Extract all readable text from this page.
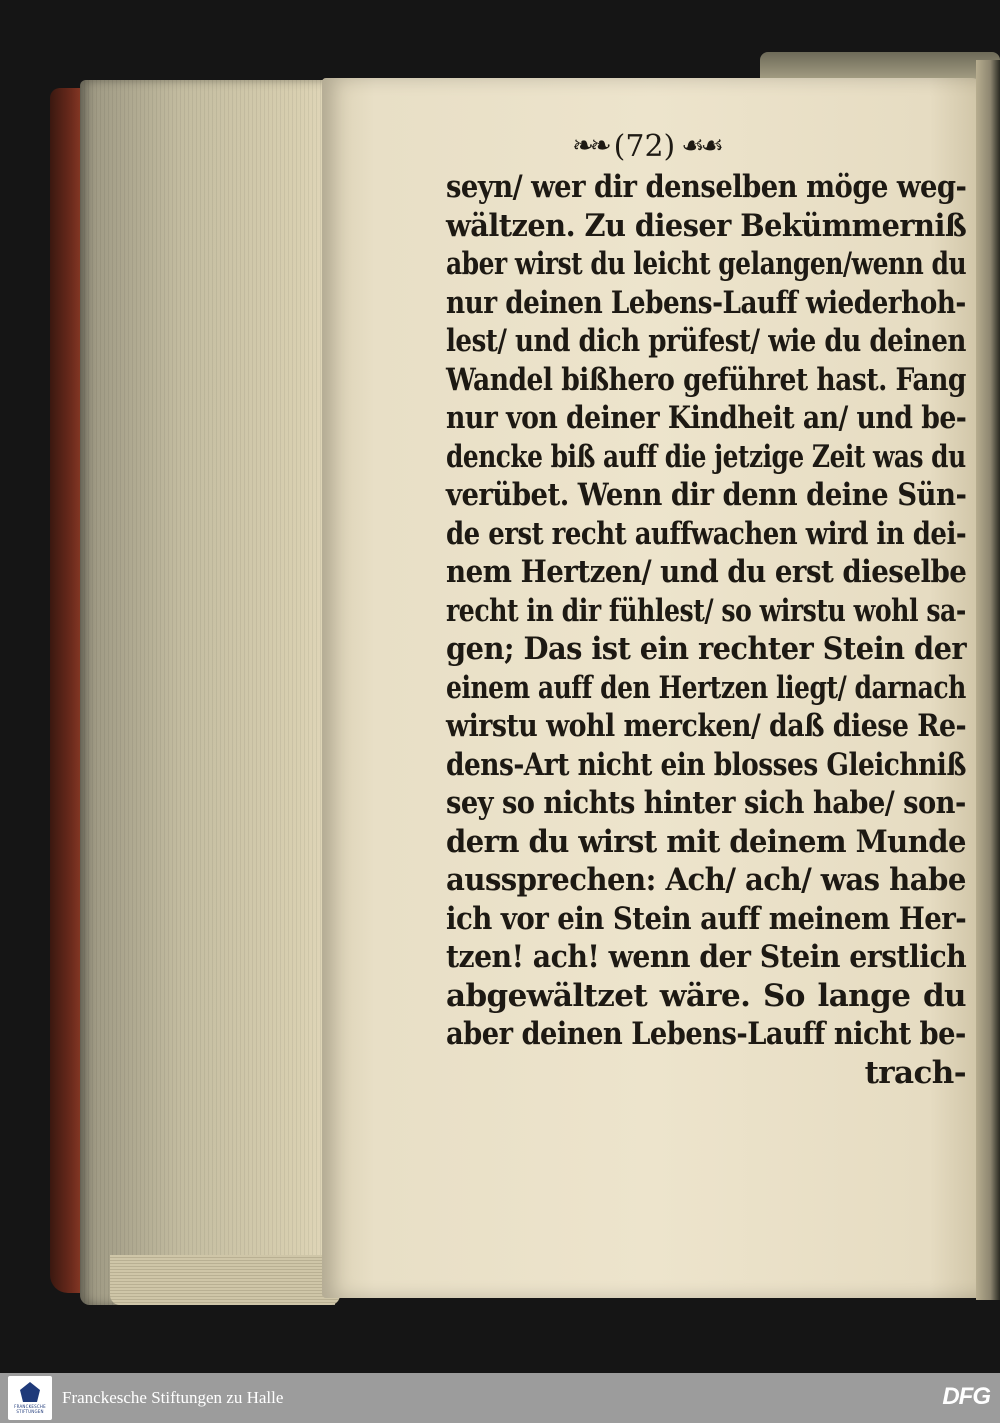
❧❧ (72) ☙☙
seyn/ wer dir denselben möge weg-
wältzen. Zu dieser Bekümmerniß
aber wirst du leicht gelangen/wenn du
nur deinen Lebens-Lauff wiederhoh-
lest/ und dich prüfest/ wie du deinen
Wandel bißhero geführet hast. Fang
nur von deiner Kindheit an/ und be-
dencke biß auff die jetzige Zeit was du
verübet. Wenn dir denn deine Sün-
de erst recht auffwachen wird in dei-
nem Hertzen/ und du erst dieselbe
recht in dir fühlest/ so wirstu wohl sa-
gen; Das ist ein rechter Stein der
einem auff den Hertzen liegt/ darnach
wirstu wohl mercken/ daß diese Re-
dens-Art nicht ein blosses Gleichniß
sey so nichts hinter sich habe/ son-
dern du wirst mit deinem Munde
aussprechen: Ach/ ach/ was habe
ich vor ein Stein auff meinem Her-
tzen! ach! wenn der Stein erstlich
abgewältzet wäre. So lange du
aber deinen Lebens-Lauff nicht be-
trach-
FRANCKESCHE STIFTUNGEN
Franckesche Stiftungen zu Halle	DFG
